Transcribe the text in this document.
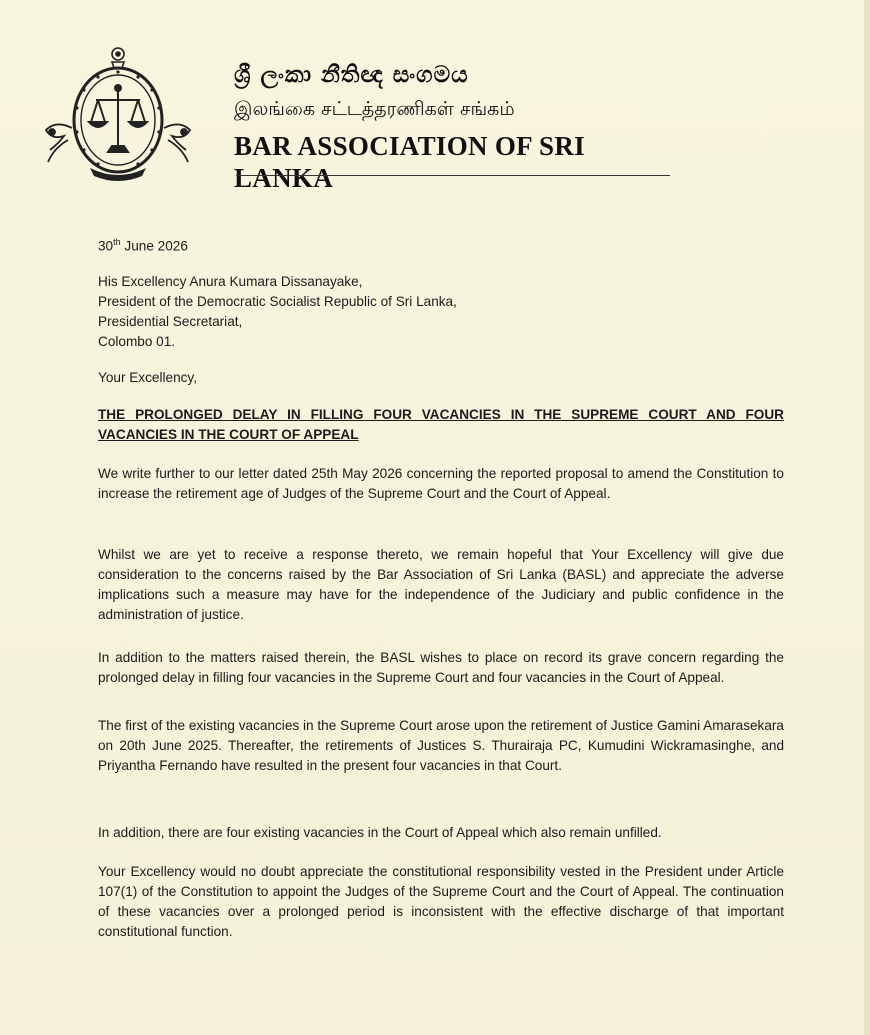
ශ්‍රී ලංකා නීතිඥ සංගමය

இலங்கை சட்டத்தரணிகள் சங்கம்

BAR ASSOCIATION OF SRI LANKA

30th June 2026
His Excellency Anura Kumara Dissanayake,
President of the Democratic Socialist Republic of Sri Lanka,
Presidential Secretariat,
Colombo 01.
Your Excellency,
THE PROLONGED DELAY IN FILLING FOUR VACANCIES IN THE SUPREME COURT AND FOUR VACANCIES IN THE COURT OF APPEAL
We write further to our letter dated 25th May 2026 concerning the reported proposal to amend the Constitution to increase the retirement age of Judges of the Supreme Court and the Court of Appeal.
Whilst we are yet to receive a response thereto, we remain hopeful that Your Excellency will give due consideration to the concerns raised by the Bar Association of Sri Lanka (BASL) and appreciate the adverse implications such a measure may have for the independence of the Judiciary and public confidence in the administration of justice.
In addition to the matters raised therein, the BASL wishes to place on record its grave concern regarding the prolonged delay in filling four vacancies in the Supreme Court and four vacancies in the Court of Appeal.
The first of the existing vacancies in the Supreme Court arose upon the retirement of Justice Gamini Amarasekara on 20th June 2025. Thereafter, the retirements of Justices S. Thurairaja PC, Kumudini Wickramasinghe, and Priyantha Fernando have resulted in the present four vacancies in that Court.
In addition, there are four existing vacancies in the Court of Appeal which also remain unfilled.
Your Excellency would no doubt appreciate the constitutional responsibility vested in the President under Article 107(1) of the Constitution to appoint the Judges of the Supreme Court and the Court of Appeal. The continuation of these vacancies over a prolonged period is inconsistent with the effective discharge of that important constitutional function.
